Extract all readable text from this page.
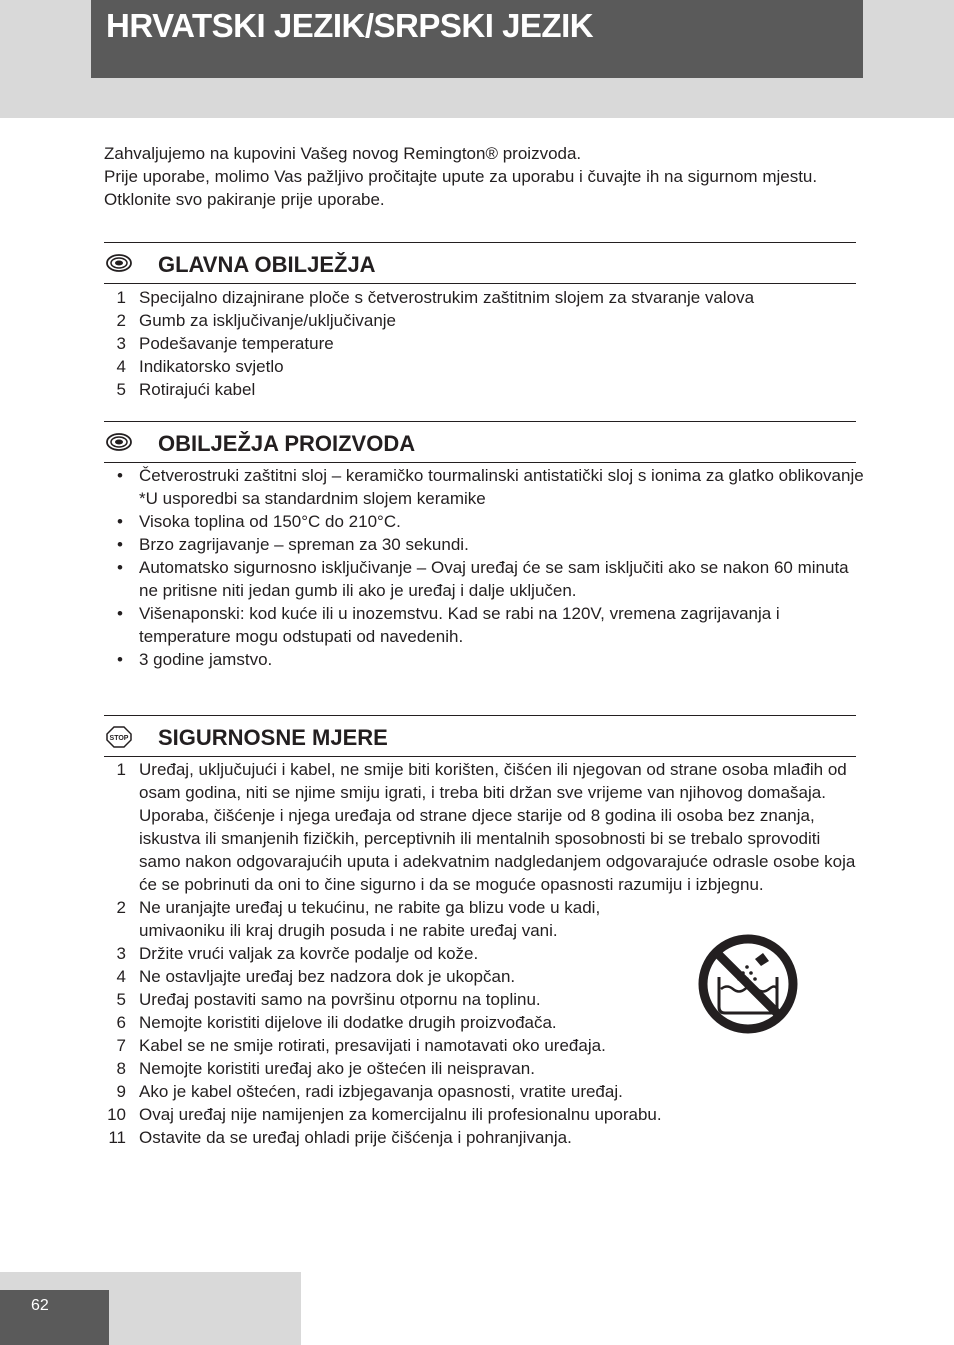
HRVATSKI JEZIK/SRPSKI JEZIK

Zahvaljujemo na kupovini Vašeg novog Remington® proizvoda.

Prije uporabe, molimo Vas pažljivo pročitajte upute za uporabu i čuvajte ih na sigurnom mjestu. Otklonite svo pakiranje prije uporabe.

GLAVNA OBILJEŽJA
1 Specijalno dizajnirane ploče s četverostrukim zaštitnim slojem za stvaranje valova
2 Gumb za isključivanje/uključivanje
3 Podešavanje temperature
4 Indikatorsko svjetlo
5 Rotirajući kabel
OBILJEŽJA PROIZVODA
• Četverostruki zaštitni sloj – keramičko tourmalinski antistatički sloj s ionima za glatko oblikovanje
*U usporedbi sa standardnim slojem keramike
• Visoka toplina od 150°C do 210°C.
• Brzo zagrijavanje – spreman za 30 sekundi.
• Automatsko sigurnosno isključivanje – Ovaj uređaj će se sam isključiti ako se nakon 60 minuta ne pritisne niti jedan gumb ili ako je uređaj i dalje uključen.
• Višenaponski: kod kuće ili u inozemstvu. Kad se rabi na 120V, vremena zagrijavanja i temperature mogu odstupati od navedenih.
• 3 godine jamstvo.
STOP SIGURNOSNE MJERE
1 Uređaj, uključujući i kabel, ne smije biti korišten, čišćen ili njegovan od strane osoba mlađih od osam godina, niti se njime smiju igrati, i treba biti držan sve vrijeme van njihovog domašaja. Uporaba, čišćenje i njega uređaja od strane djece starije od 8 godina ili osoba bez znanja, iskustva ili smanjenih fizičkih, perceptivnih ili mentalnih sposobnosti bi se trebalo sprovoditi samo nakon odgovarajućih uputa i adekvatnim nadgledanjem odgovarajuće odrasle osobe koja će se pobrinuti da oni to čine sigurno i da se moguće opasnosti razumiju i izbjegnu.
2 Ne uranjajte uređaj u tekućinu, ne rabite ga blizu vode u kadi, umivaoniku ili kraj drugih posuda i ne rabite uređaj vani.
3 Držite vrući valjak za kovrče podalje od kože.
4 Ne ostavljajte uređaj bez nadzora dok je ukopčan.
5 Uređaj postaviti samo na površinu otpornu na toplinu.
6 Nemojte koristiti dijelove ili dodatke drugih proizvođača.
7 Kabel se ne smije rotirati, presavijati i namotavati oko uređaja.
8 Nemojte koristiti uređaj ako je oštećen ili neispravan.
9 Ako je kabel oštećen, radi izbjegavanja opasnosti, vratite uređaj.
10 Ovaj uređaj nije namijenjen za komercijalnu ili profesionalnu uporabu.
11 Ostavite da se uređaj ohladi prije čišćenja i pohranjivanja.
62
